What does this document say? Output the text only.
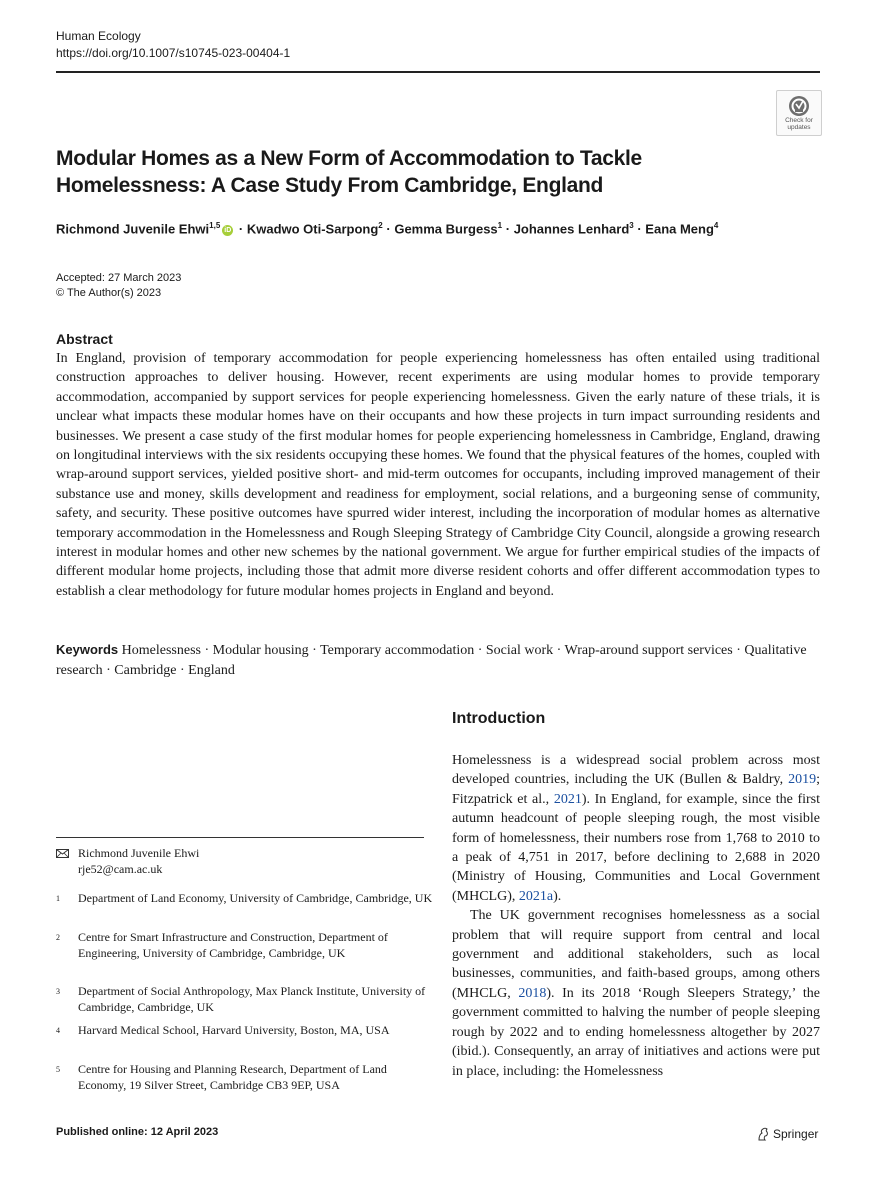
Human Ecology
https://doi.org/10.1007/s10745-023-00404-1
Check for
updates
Modular Homes as a New Form of Accommodation to Tackle Homelessness: A Case Study From Cambridge, England
Richmond Juvenile Ehwi$^{1,5}$iD · Kwadwo Oti-Sarpong$^2$ · Gemma Burgess$^1$ · Johannes Lenhard$^3$ · Eana Meng$^4$
Accepted: 27 March 2023
© The Author(s) 2023
Abstract
In England, provision of temporary accommodation for people experiencing homelessness has often entailed using traditional construction approaches to deliver housing. However, recent experiments are using modular homes to provide temporary accommodation, accompanied by support services for people experiencing homelessness. Given the early nature of these trials, it is unclear what impacts these modular homes have on their occupants and how these projects in turn impact surrounding residents and businesses. We present a case study of the first modular homes for people experiencing homelessness in Cambridge, England, drawing on longitudinal interviews with the six residents occupying these homes. We found that the physical features of the homes, coupled with wrap-around support services, yielded positive short- and mid-term outcomes for occupants, including improved management of their substance use and money, skills development and readiness for employment, social relations, and a burgeoning sense of community, safety, and security. These positive outcomes have spurred wider interest, including the incorporation of modular homes as alternative temporary accommodation in the Homelessness and Rough Sleeping Strategy of Cambridge City Council, alongside a growing research interest in modular homes and other new schemes by the national government. We argue for further empirical studies of the impacts of different modular home projects, including those that admit more diverse resident cohorts and offer different accommodation types to establish a clear methodology for future modular homes projects in England and beyond.
Keywords Homelessness · Modular housing · Temporary accommodation · Social work · Wrap-around support services · Qualitative research · Cambridge · England
Introduction

Homelessness is a widespread social problem across most developed countries, including the UK (Bullen & Baldry, 2019; Fitzpatrick et al., 2021). In England, for example, since the first autumn headcount of people sleeping rough, the most visible form of homelessness, their numbers rose from 1,768 to 2010 to a peak of 4,751 in 2017, before declining to 2,688 in 2020 (Ministry of Housing, Communities and Local Government (MHCLG), 2021a).

The UK government recognises homelessness as a social problem that will require support from central and local government and additional stakeholders, such as local businesses, communities, and faith-based groups, among others (MHCLG, 2018). In its 2018 ‘Rough Sleepers Strategy,’ the government committed to halving the number of people sleeping rough by 2022 and to ending homelessness altogether by 2027 (ibid.). Consequently, an array of initiatives and actions were put in place, including: the Homelessness

Richmond Juvenile Ehwi
rje52@cam.ac.uk
1 Department of Land Economy, University of Cambridge, Cambridge, UK
2 Centre for Smart Infrastructure and Construction, Department of Engineering, University of Cambridge, Cambridge, UK
3 Department of Social Anthropology, Max Planck Institute, University of Cambridge, Cambridge, UK
4 Harvard Medical School, Harvard University, Boston, MA, USA
5 Centre for Housing and Planning Research, Department of Land Economy, 19 Silver Street, Cambridge CB3 9EP, USA
Published online: 12 April 2023	Springer
